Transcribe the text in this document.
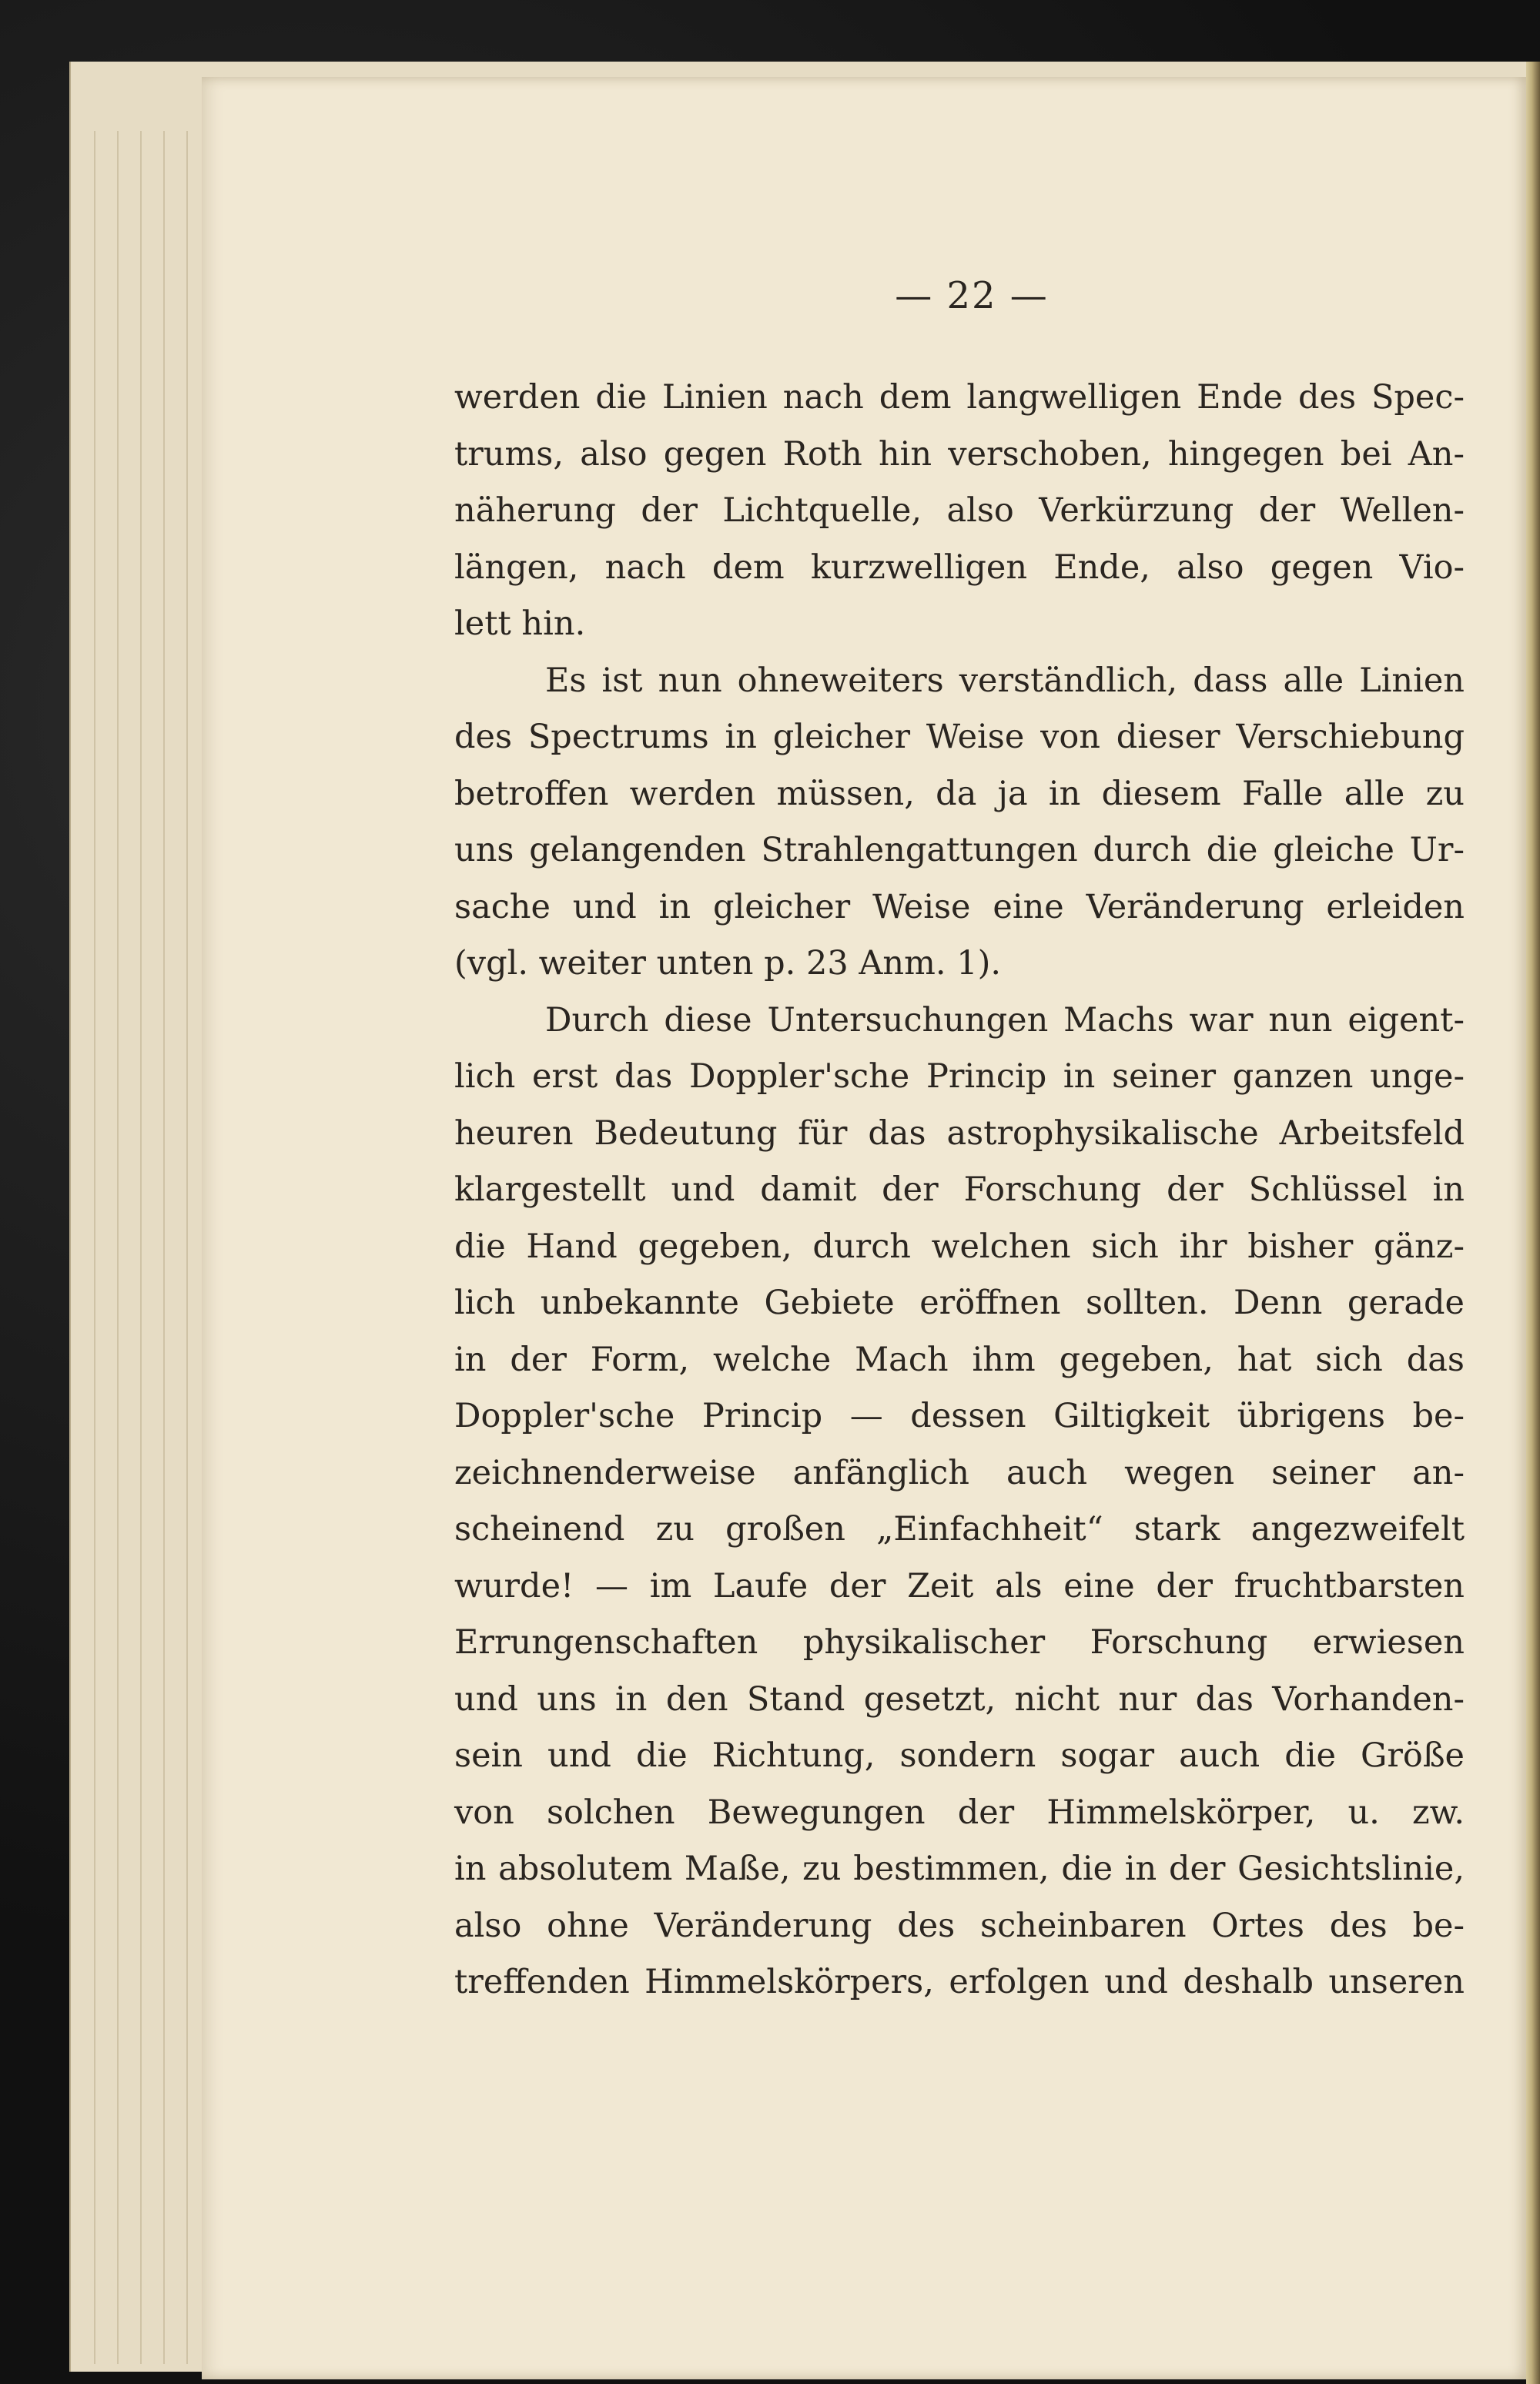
— 22 —
werden die Linien nach dem langwelligen Ende des Spec-
trums, also gegen Roth hin verschoben, hingegen bei An-
näherung der Lichtquelle, also Verkürzung der Wellen-
längen, nach dem kurzwelligen Ende, also gegen Vio-
lett hin.
Es ist nun ohneweiters verständlich, dass alle Linien
des Spectrums in gleicher Weise von dieser Verschiebung
betroffen werden müssen, da ja in diesem Falle alle zu
uns gelangenden Strahlengattungen durch die gleiche Ur-
sache und in gleicher Weise eine Veränderung erleiden
(vgl. weiter unten p. 23 Anm. 1).
Durch diese Untersuchungen Machs war nun eigent-
lich erst das Doppler'sche Princip in seiner ganzen unge-
heuren Bedeutung für das astrophysikalische Arbeitsfeld
klargestellt und damit der Forschung der Schlüssel in
die Hand gegeben, durch welchen sich ihr bisher gänz-
lich unbekannte Gebiete eröffnen sollten. Denn gerade
in der Form, welche Mach ihm gegeben, hat sich das
Doppler'sche Princip — dessen Giltigkeit übrigens be-
zeichnenderweise anfänglich auch wegen seiner an-
scheinend zu großen „Einfachheit“ stark angezweifelt
wurde! — im Laufe der Zeit als eine der fruchtbarsten
Errungenschaften physikalischer Forschung erwiesen
und uns in den Stand gesetzt, nicht nur das Vorhanden-
sein und die Richtung, sondern sogar auch die Größe
von solchen Bewegungen der Himmelskörper, u. zw.
in absolutem Maße, zu bestimmen, die in der Gesichtslinie,
also ohne Veränderung des scheinbaren Ortes des be-
treffenden Himmelskörpers, erfolgen und deshalb unseren
